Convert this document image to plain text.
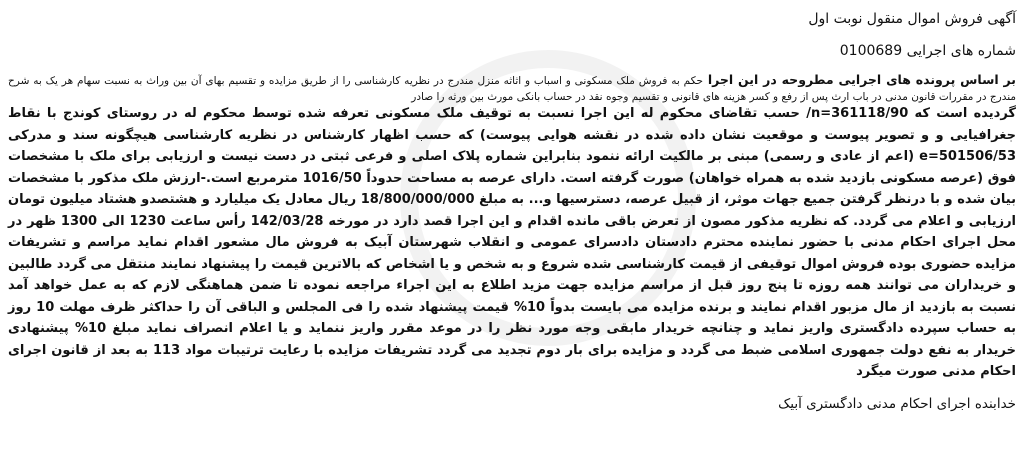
آگهی فروش اموال منقول نوبت اول
شماره های اجرایی 0100689
بر اساس پرونده های اجرایی مطروحه در این اجرا حکم به فروش ملک مسکونی و اسباب و اثاثه منزل مندرج در نظریه کارشناسی را از طریق مزایده و تقسیم بهای آن بین وراث به نسبت سهام هر یک به شرح مندرج در مقررات قانون مدنی در باب ارث پس از رفع و کسر هزینه های قانونی و تقسیم وجوه نقد در حساب بانکی مورث بین ورثه را صادر
گردیده است که 361118/90=n/ حسب تقاضای محکوم له این اجرا نسبت به توقیف ملک مسکونی تعرفه شده توسط محکوم له در روستای کوندج با نقاط جغرافیایی و و تصویر پیوست و موقعیت نشان داده شده در نقشه هوایی پیوست) که حسب اظهار کارشناس در نظریه کارشناسی هیچگونه سند و مدرکی e=501506/53 (اعم از عادی و رسمی) مبنی بر مالکیت ارائه ننمود بنابراین شماره پلاک اصلی و فرعی ثبتی در دست نیست و ارزیابی برای ملک با مشخصات فوق (عرصه مسکونی بازدید شده به همراه خواهان) صورت گرفته است. دارای عرصه به مساحت حدوداً 1016/50 مترمربع است.-ارزش ملک مذکور با مشخصات بیان شده و با درنظر گرفتن جمیع جهات موثر، از قبیل عرصه، دسترسیها و... به مبلغ 18/800/000/000 ریال معادل یک میلیارد و هشتصدو هشتاد میلیون تومان ارزیابی و اعلام می گردد. که نظریه مذکور مصون از تعرض باقی مانده اقدام و این اجرا قصد دارد در مورخه 142/03/28 رأس ساعت 1230 الی 1300 ظهر در محل اجرای احکام مدنی با حضور نماینده محترم دادستان دادسرای عمومی و انقلاب شهرستان آبیک به فروش مال مشعور اقدام نماید مراسم و تشریفات مزایده حضوری بوده فروش اموال توقیفی از قیمت کارشناسی شده شروع و به شخص و یا اشخاص که بالاترین قیمت را پیشنهاد نمایند منتقل می گردد طالبین و خریداران می توانند همه روزه تا پنج روز قبل از مراسم مزایده جهت مزید اطلاع به این اجراء مراجعه نموده تا ضمن هماهنگی لازم که به عمل خواهد آمد نسبت به بازدید از مال مزبور اقدام نمایند و برنده مزایده می بایست بدواً 10% قیمت پیشنهاد شده را فی المجلس و الباقی آن را حداکثر ظرف مهلت 10 روز به حساب سپرده دادگستری واریز نماید و چنانچه خریدار مابقی وجه مورد نظر را در موعد مقرر واریز ننماید و یا اعلام انصراف نماید مبلغ 10% پیشنهادی خریدار به نفع دولت جمهوری اسلامی ضبط می گردد و مزایده برای بار دوم تجدید می گردد تشریفات مزایده با رعایت ترتیبات مواد 113 به بعد از قانون اجرای احکام مدنی صورت میگرد
خدابنده اجرای احکام مدنی دادگستری آبیک
